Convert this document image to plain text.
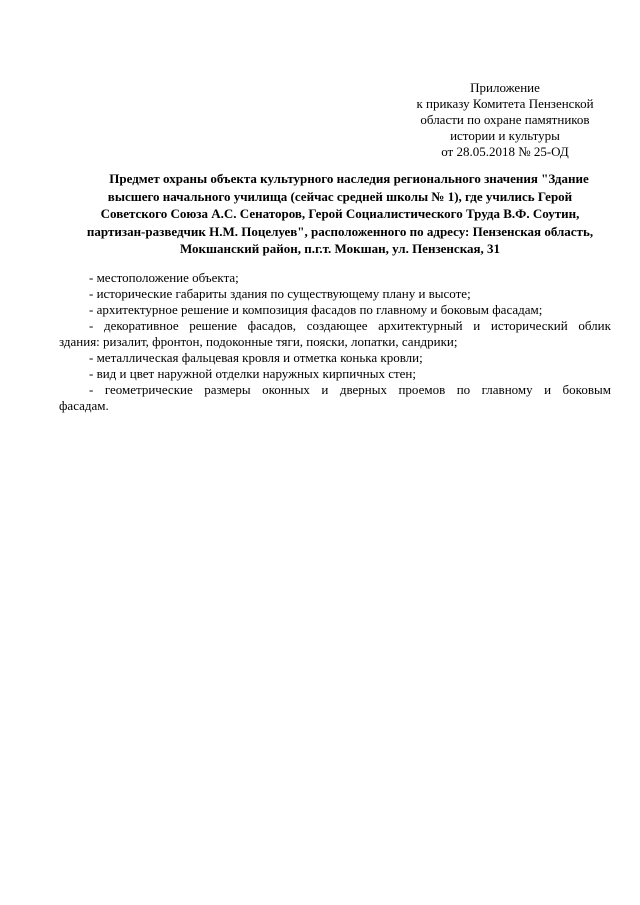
Приложение
к приказу Комитета Пензенской
области по охране памятников
истории и культуры
от 28.05.2018 № 25-ОД
Предмет охраны объекта культурного наследия регионального значения "Здание
высшего начального училища (сейчас средней школы № 1), где учились Герой
Советского Союза А.С. Сенаторов, Герой Социалистического Труда В.Ф. Соутин,
партизан-разведчик Н.М. Поцелуев", расположенного по адресу: Пензенская область,
Мокшанский район, п.г.т. Мокшан, ул. Пензенская, 31
- местоположение объекта;
- исторические габариты здания по существующему плану и высоте;
- архитектурное решение и композиция фасадов по главному и боковым фасадам;
- декоративное решение фасадов, создающее архитектурный и исторический облик
здания: ризалит, фронтон, подоконные тяги, пояски, лопатки, сандрики;
- металлическая фальцевая кровля и отметка конька кровли;
- вид и цвет наружной отделки наружных кирпичных стен;
- геометрические размеры оконных и дверных проемов по главному и боковым
фасадам.
